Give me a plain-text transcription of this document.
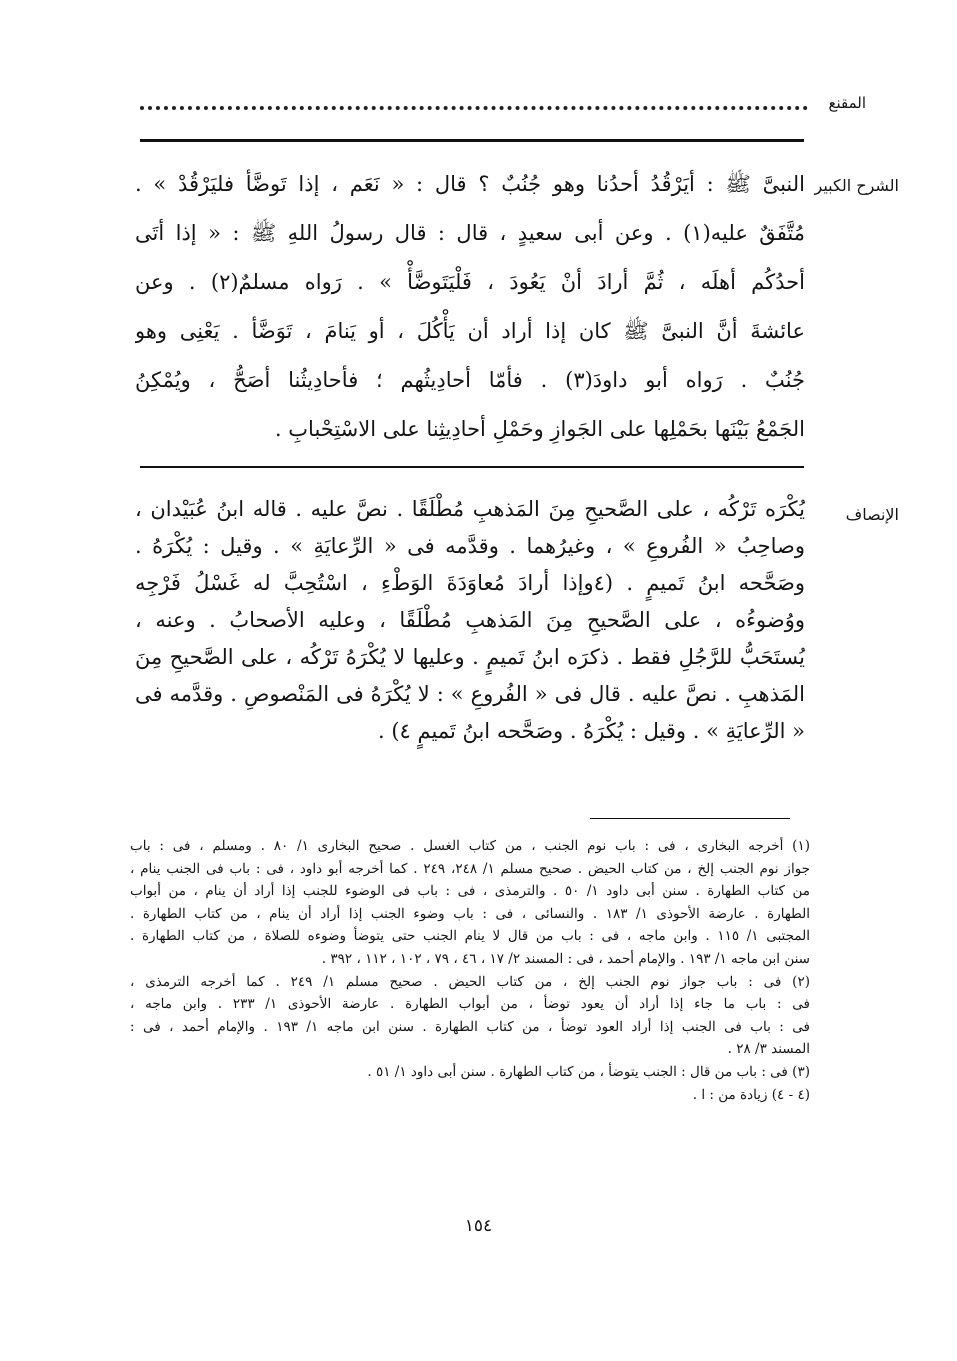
المقنع
الشرح الكبير
النبىَّ ﷺ : أيَرْقُدُ أحدُنا وهو جُنُبٌ ؟ قال : « نَعَم ، إذا تَوضَّأ فليَرْقُدْ » .
مُتَّفَقٌ عليه(١) . وعن أبى سعيدٍ ، قال : قال رسولُ اللهِ ﷺ : « إذا أتَى
أحدُكُم أهلَه ، ثُمَّ أرادَ أنْ يَعُودَ ، فَلْيَتَوضَّأْ » . رَواه مسلمٌ(٢) . وعن
عائشةَ أنَّ النبىَّ ﷺ كان إذا أراد أن يَأْكُلَ ، أو يَنامَ ، تَوَضَّأ . يَعْنِى وهو
جُنُبٌ . رَواه أبو داودَ(٣) . فأمّا أحادِيثُهم ؛ فأحادِيثُنا أصَحُّ ، ويُمْكِنُ
الجَمْعُ بَيْنَها بحَمْلِها على الجَوازِ وحَمْلِ أحادِيثِنا على الاسْتِحْبابِ .
الإنصاف
يُكْرَه تَرْكُه ، على الصَّحيحِ مِنَ المَذهبِ مُطْلَقًا . نصَّ عليه . قاله ابنُ عُبَيْدان ،
وصاحِبُ « الفُروعِ » ، وغيرُهما . وقدَّمه فى « الرِّعايَةِ » . وقيل : يُكْرَهُ .
وصَحَّحه ابنُ تَميمٍ . (٤وإذا أرادَ مُعاوَدَةَ الوَطْءِ ، اسْتُحِبَّ له غَسْلُ فَرْجِه
ووُضوءُه ، على الصَّحيحِ مِنَ المَذهبِ مُطْلَقًا ، وعليه الأصحابُ . وعنه ،
يُستَحَبُّ للرَّجُلِ فقط . ذكرَه ابنُ تَميمٍ . وعليها لا يُكْرَهُ تَرْكُه ، على الصَّحيحِ مِنَ
المَذهبِ . نصَّ عليه . قال فى « الفُروعِ » : لا يُكْرَهُ فى المَنْصوصِ . وقدَّمه فى
« الرِّعايَةِ » . وقيل : يُكْرَهُ . وصَحَّحه ابنُ تَميمٍ ٤) .
(١) أخرجه البخارى ، فى : باب نوم الجنب ، من كتاب الغسل . صحيح البخارى ١/ ٨٠ . ومسلم ، فى : باب
جواز نوم الجنب إلخ ، من كتاب الحيض . صحيح مسلم ١/ ٢٤٨، ٢٤٩ . كما أخرجه أبو داود ، فى : باب فى الجنب ينام ،
من كتاب الطهارة . سنن أبى داود ١/ ٥٠ . والترمذى ، فى : باب فى الوضوء للجنب إذا أراد أن ينام ، من أبواب
الطهارة . عارضة الأحوذى ١/ ١٨٣ . والنسائى ، فى : باب وضوء الجنب إذا أراد أن ينام ، من كتاب الطهارة .
المجتبى ١/ ١١٥ . وابن ماجه ، فى : باب من قال لا ينام الجنب حتى يتوضأ وضوءه للصلاة ، من كتاب الطهارة .
سنن ابن ماجه ١/ ١٩٣ . والإمام أحمد ، فى : المسند ٢/ ١٧ ، ٤٦ ، ٧٩ ، ١٠٢ ، ١١٢ ، ٣٩٢ .
(٢) فى : باب جواز نوم الجنب إلخ ، من كتاب الحيض . صحيح مسلم ١/ ٢٤٩ . كما أخرجه الترمذى ،
فى : باب ما جاء إذا أراد أن يعود توضأ ، من أبواب الطهارة . عارضة الأحوذى ١/ ٢٣٣ . وابن ماجه ،
فى : باب فى الجنب إذا أراد العود توضأ ، من كتاب الطهارة . سنن ابن ماجه ١/ ١٩٣ . والإمام أحمد ، فى :
المسند ٣/ ٢٨ .
(٣) فى : باب من قال : الجنب يتوضأ ، من كتاب الطهارة . سنن أبى داود ١/ ٥١ .
(٤ - ٤) زيادة من : ا .
١٥٤
